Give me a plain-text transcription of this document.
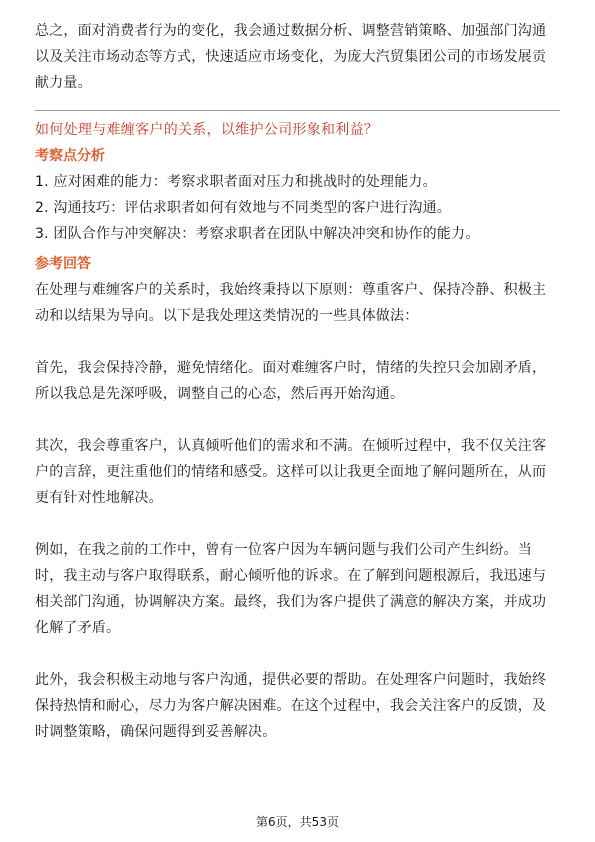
总之，面对消费者行为的变化，我会通过数据分析、调整营销策略、加强部门沟通

以及关注市场动态等方式，快速适应市场变化，为庞大汽贸集团公司的市场发展贡

献力量。

如何处理与难缠客户的关系，以维护公司形象和利益？

考察点分析

1. 应对困难的能力：考察求职者面对压力和挑战时的处理能力。

2. 沟通技巧：评估求职者如何有效地与不同类型的客户进行沟通。

3. 团队合作与冲突解决：考察求职者在团队中解决冲突和协作的能力。

参考回答

在处理与难缠客户的关系时，我始终秉持以下原则：尊重客户、保持冷静、积极主

动和以结果为导向。以下是我处理这类情况的一些具体做法：

首先，我会保持冷静，避免情绪化。面对难缠客户时，情绪的失控只会加剧矛盾，

所以我总是先深呼吸，调整自己的心态，然后再开始沟通。

其次，我会尊重客户，认真倾听他们的需求和不满。在倾听过程中，我不仅关注客

户的言辞，更注重他们的情绪和感受。这样可以让我更全面地了解问题所在，从而

更有针对性地解决。

例如，在我之前的工作中，曾有一位客户因为车辆问题与我们公司产生纠纷。当

时，我主动与客户取得联系，耐心倾听他的诉求。在了解到问题根源后，我迅速与

相关部门沟通，协调解决方案。最终，我们为客户提供了满意的解决方案，并成功

化解了矛盾。

此外，我会积极主动地与客户沟通，提供必要的帮助。在处理客户问题时，我始终

保持热情和耐心，尽力为客户解决困难。在这个过程中，我会关注客户的反馈，及

时调整策略，确保问题得到妥善解决。

第6页，共53页
